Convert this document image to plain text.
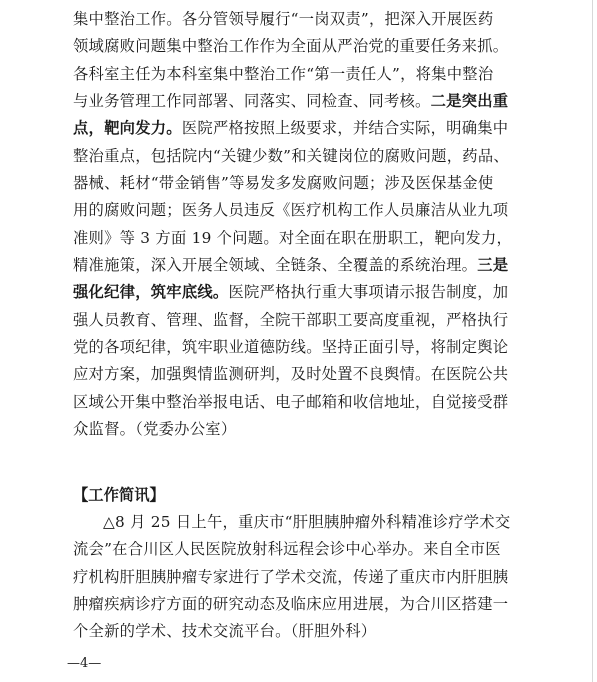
集中整治工作。各分管领导履行“一岗双责”，把深入开展医药
领域腐败问题集中整治工作作为全面从严治党的重要任务来抓。
各科室主任为本科室集中整治工作“第一责任人”，将集中整治
与业务管理工作同部署、同落实、同检查、同考核。二是突出重
点，靶向发力。医院严格按照上级要求，并结合实际，明确集中
整治重点，包括院内“关键少数”和关键岗位的腐败问题，药品、
器械、耗材“带金销售”等易发多发腐败问题；涉及医保基金使
用的腐败问题；医务人员违反《医疗机构工作人员廉洁从业九项
准则》等 3 方面 19 个问题。对全面在职在册职工，靶向发力，
精准施策，深入开展全领域、全链条、全覆盖的系统治理。三是
强化纪律，筑牢底线。医院严格执行重大事项请示报告制度，加
强人员教育、管理、监督，全院干部职工要高度重视，严格执行
党的各项纪律，筑牢职业道德防线。坚持正面引导，将制定舆论
应对方案，加强舆情监测研判，及时处置不良舆情。在医院公共
区域公开集中整治举报电话、电子邮箱和收信地址，自觉接受群
众监督。（党委办公室）
【工作简讯】
△8 月 25 日上午，重庆市“肝胆胰肿瘤外科精准诊疗学术交
流会”在合川区人民医院放射科远程会诊中心举办。来自全市医
疗机构肝胆胰肿瘤专家进行了学术交流，传递了重庆市内肝胆胰
肿瘤疾病诊疗方面的研究动态及临床应用进展，为合川区搭建一
个全新的学术、技术交流平台。（肝胆外科）
—4—
